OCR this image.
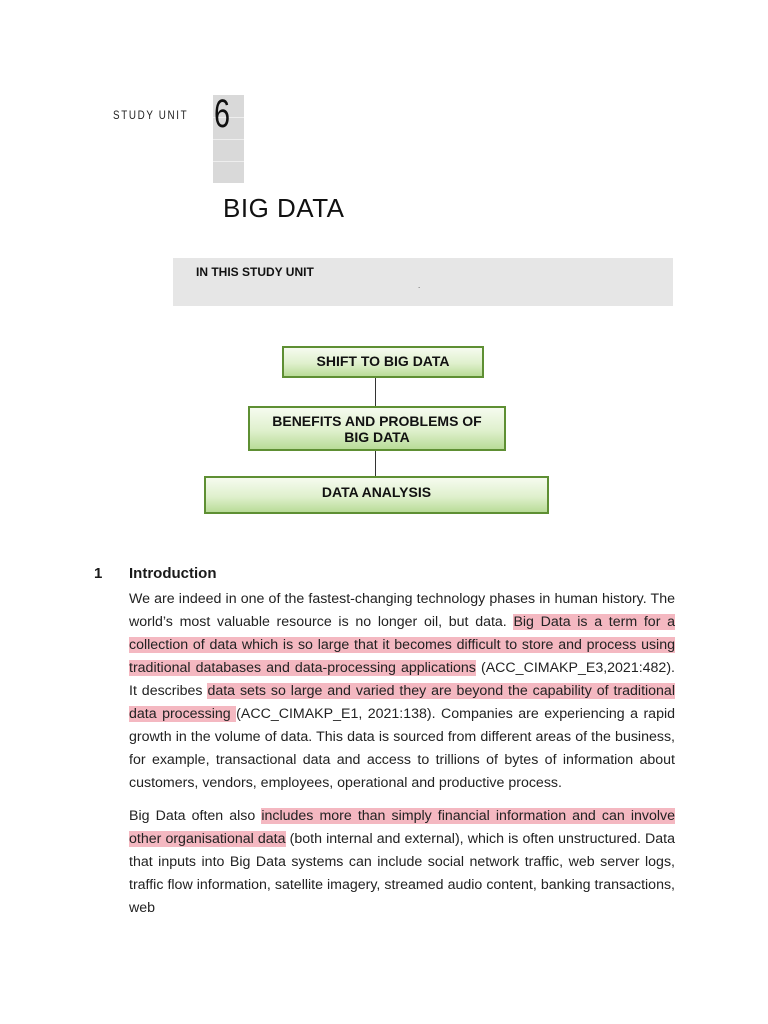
STUDY UNIT 6
BIG DATA
IN THIS STUDY UNIT
.
SHIFT TO BIG DATA
BENEFITS AND PROBLEMS OF BIG DATA
DATA ANALYSIS
1 Introduction

We are indeed in one of the fastest-changing technology phases in human history. The world’s most valuable resource is no longer oil, but data. Big Data is a term for a collection of data which is so large that it becomes difficult to store and process using traditional databases and data-processing applications (ACC_CIMAKP_E3,2021:482). It describes data sets so large and varied they are beyond the capability of traditional data processing (ACC_CIMAKP_E1, 2021:138). Companies are experiencing a rapid growth in the volume of data. This data is sourced from different areas of the business, for example, transactional data and access to trillions of bytes of information about customers, vendors, employees, operational and productive process.

Big Data often also includes more than simply financial information and can involve other organisational data (both internal and external), which is often unstructured. Data that inputs into Big Data systems can include social network traffic, web server logs, traffic flow information, satellite imagery, streamed audio content, banking transactions, web
